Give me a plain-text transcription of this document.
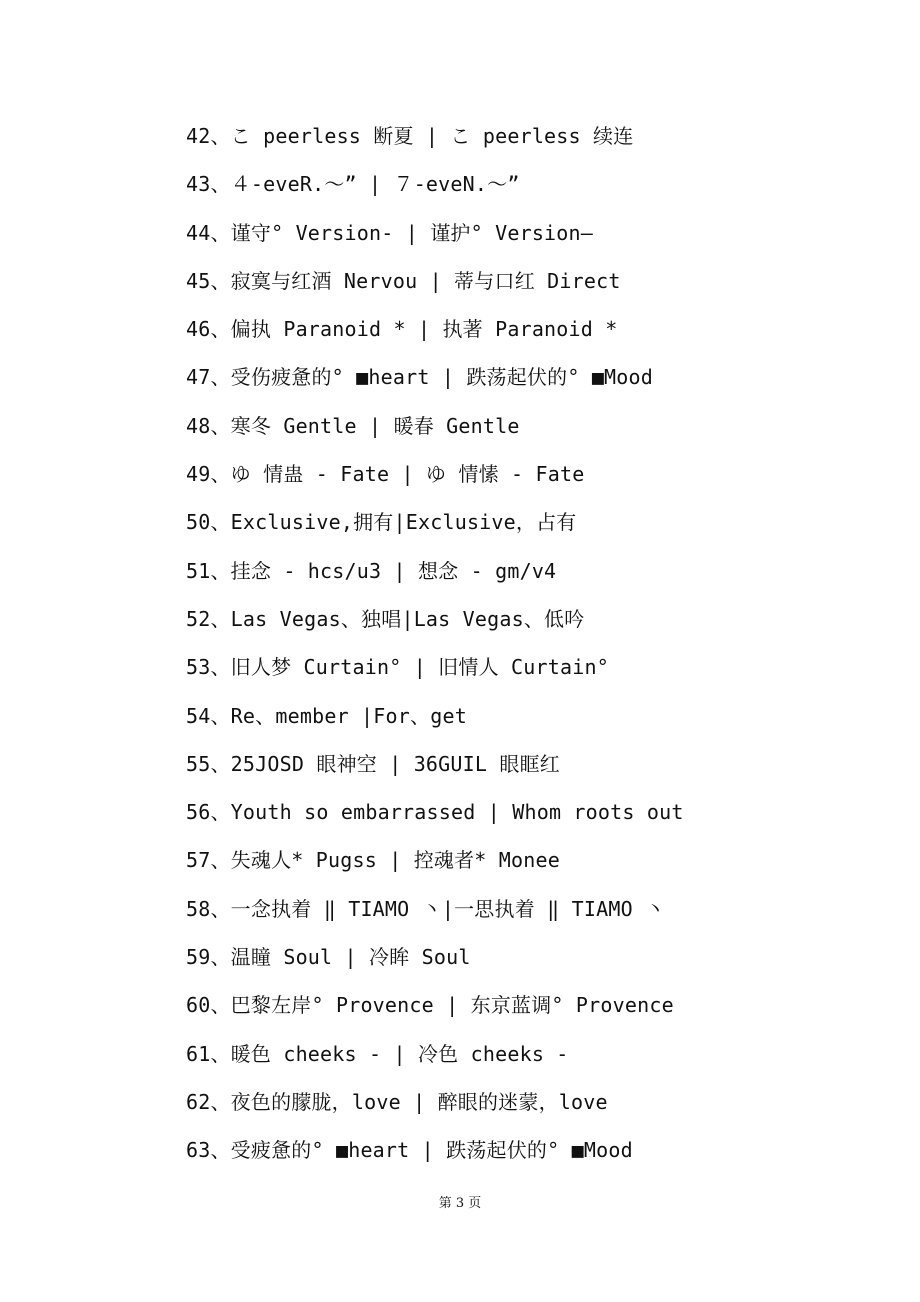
42、こ peerless 断夏 | こ peerless 续连
43、４-eveR.～” | ７-eveN.～”
44、谨守° Version- | 谨护° Version—
45、寂寞与红酒 Nervou | 蒂与口红 Direct
46、偏执 Paranoid * | 执著 Paranoid *
47、受伤疲惫的° ■heart | 跌荡起伏的° ■Mood
48、寒冬 Gentle | 暖春 Gentle
49、ゆ 情蛊 - Fate | ゆ 情愫 - Fate
50、Exclusive,拥有|Exclusive，占有
51、挂念 - hcs/u3 | 想念 - gm/v4
52、Las Vegas、独唱|Las Vegas、低吟
53、旧人梦 Curtain° | 旧情人 Curtain°
54、Re、member |For、get
55、25JOSD 眼神空 | 36GUIL 眼眶红
56、Youth so embarrassed | Whom roots out
57、失魂人* Pugss | 控魂者* Monee
58、一念执着 ‖ TIAMO 丶|一思执着 ‖ TIAMO 丶
59、温瞳 Soul | 冷眸 Soul
60、巴黎左岸° Provence | 东京蓝调° Provence
61、暖色 cheeks - | 冷色 cheeks -
62、夜色的朦胧，love | 醉眼的迷蒙，love
63、受疲惫的° ■heart | 跌荡起伏的° ■Mood
第 3 页
